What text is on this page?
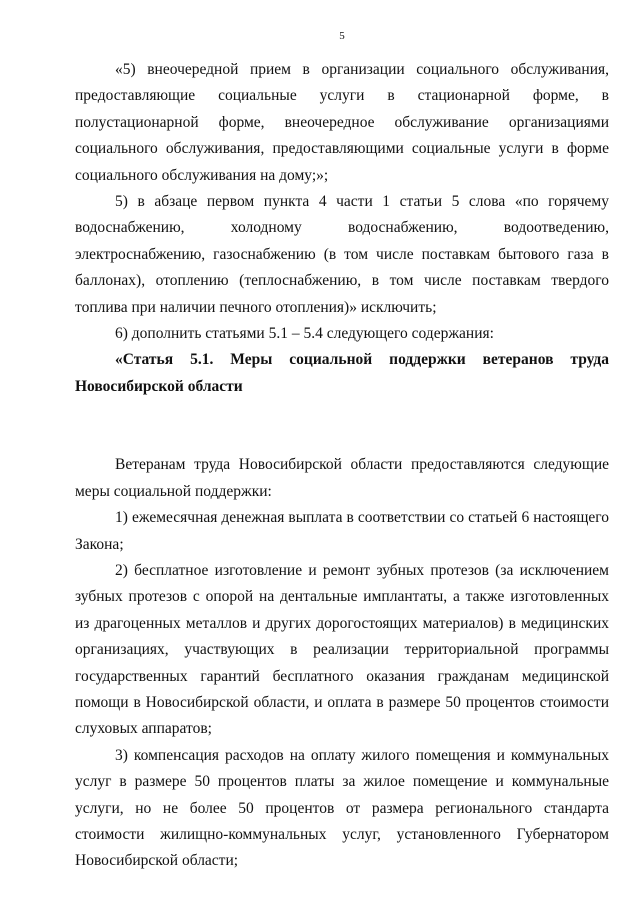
5

«5) внеочередной прием в организации социального обслуживания, предоставляющие социальные услуги в стационарной форме, в полустационарной форме, внеочередное обслуживание организациями социального обслуживания, предоставляющими социальные услуги в форме социального обслуживания на дому;»;

5) в абзаце первом пункта 4 части 1 статьи 5 слова «по горячему водоснабжению, холодному водоснабжению, водоотведению, электроснабжению, газоснабжению (в том числе поставкам бытового газа в баллонах), отоплению (теплоснабжению, в том числе поставкам твердого топлива при наличии печного отопления)» исключить;

6) дополнить статьями 5.1 – 5.4 следующего содержания:

«Статья 5.1. Меры социальной поддержки ветеранов труда Новосибирской области

Ветеранам труда Новосибирской области предоставляются следующие меры социальной поддержки:

1) ежемесячная денежная выплата в соответствии со статьей 6 настоящего Закона;

2) бесплатное изготовление и ремонт зубных протезов (за исключением зубных протезов с опорой на дентальные имплантаты, а также изготовленных из драгоценных металлов и других дорогостоящих материалов) в медицинских организациях, участвующих в реализации территориальной программы государственных гарантий бесплатного оказания гражданам медицинской помощи в Новосибирской области, и оплата в размере 50 процентов стоимости слуховых аппаратов;

3) компенсация расходов на оплату жилого помещения и коммунальных услуг в размере 50 процентов платы за жилое помещение и коммунальные услуги, но не более 50 процентов от размера регионального стандарта стоимости жилищно-коммунальных услуг, установленного Губернатором Новосибирской области;
